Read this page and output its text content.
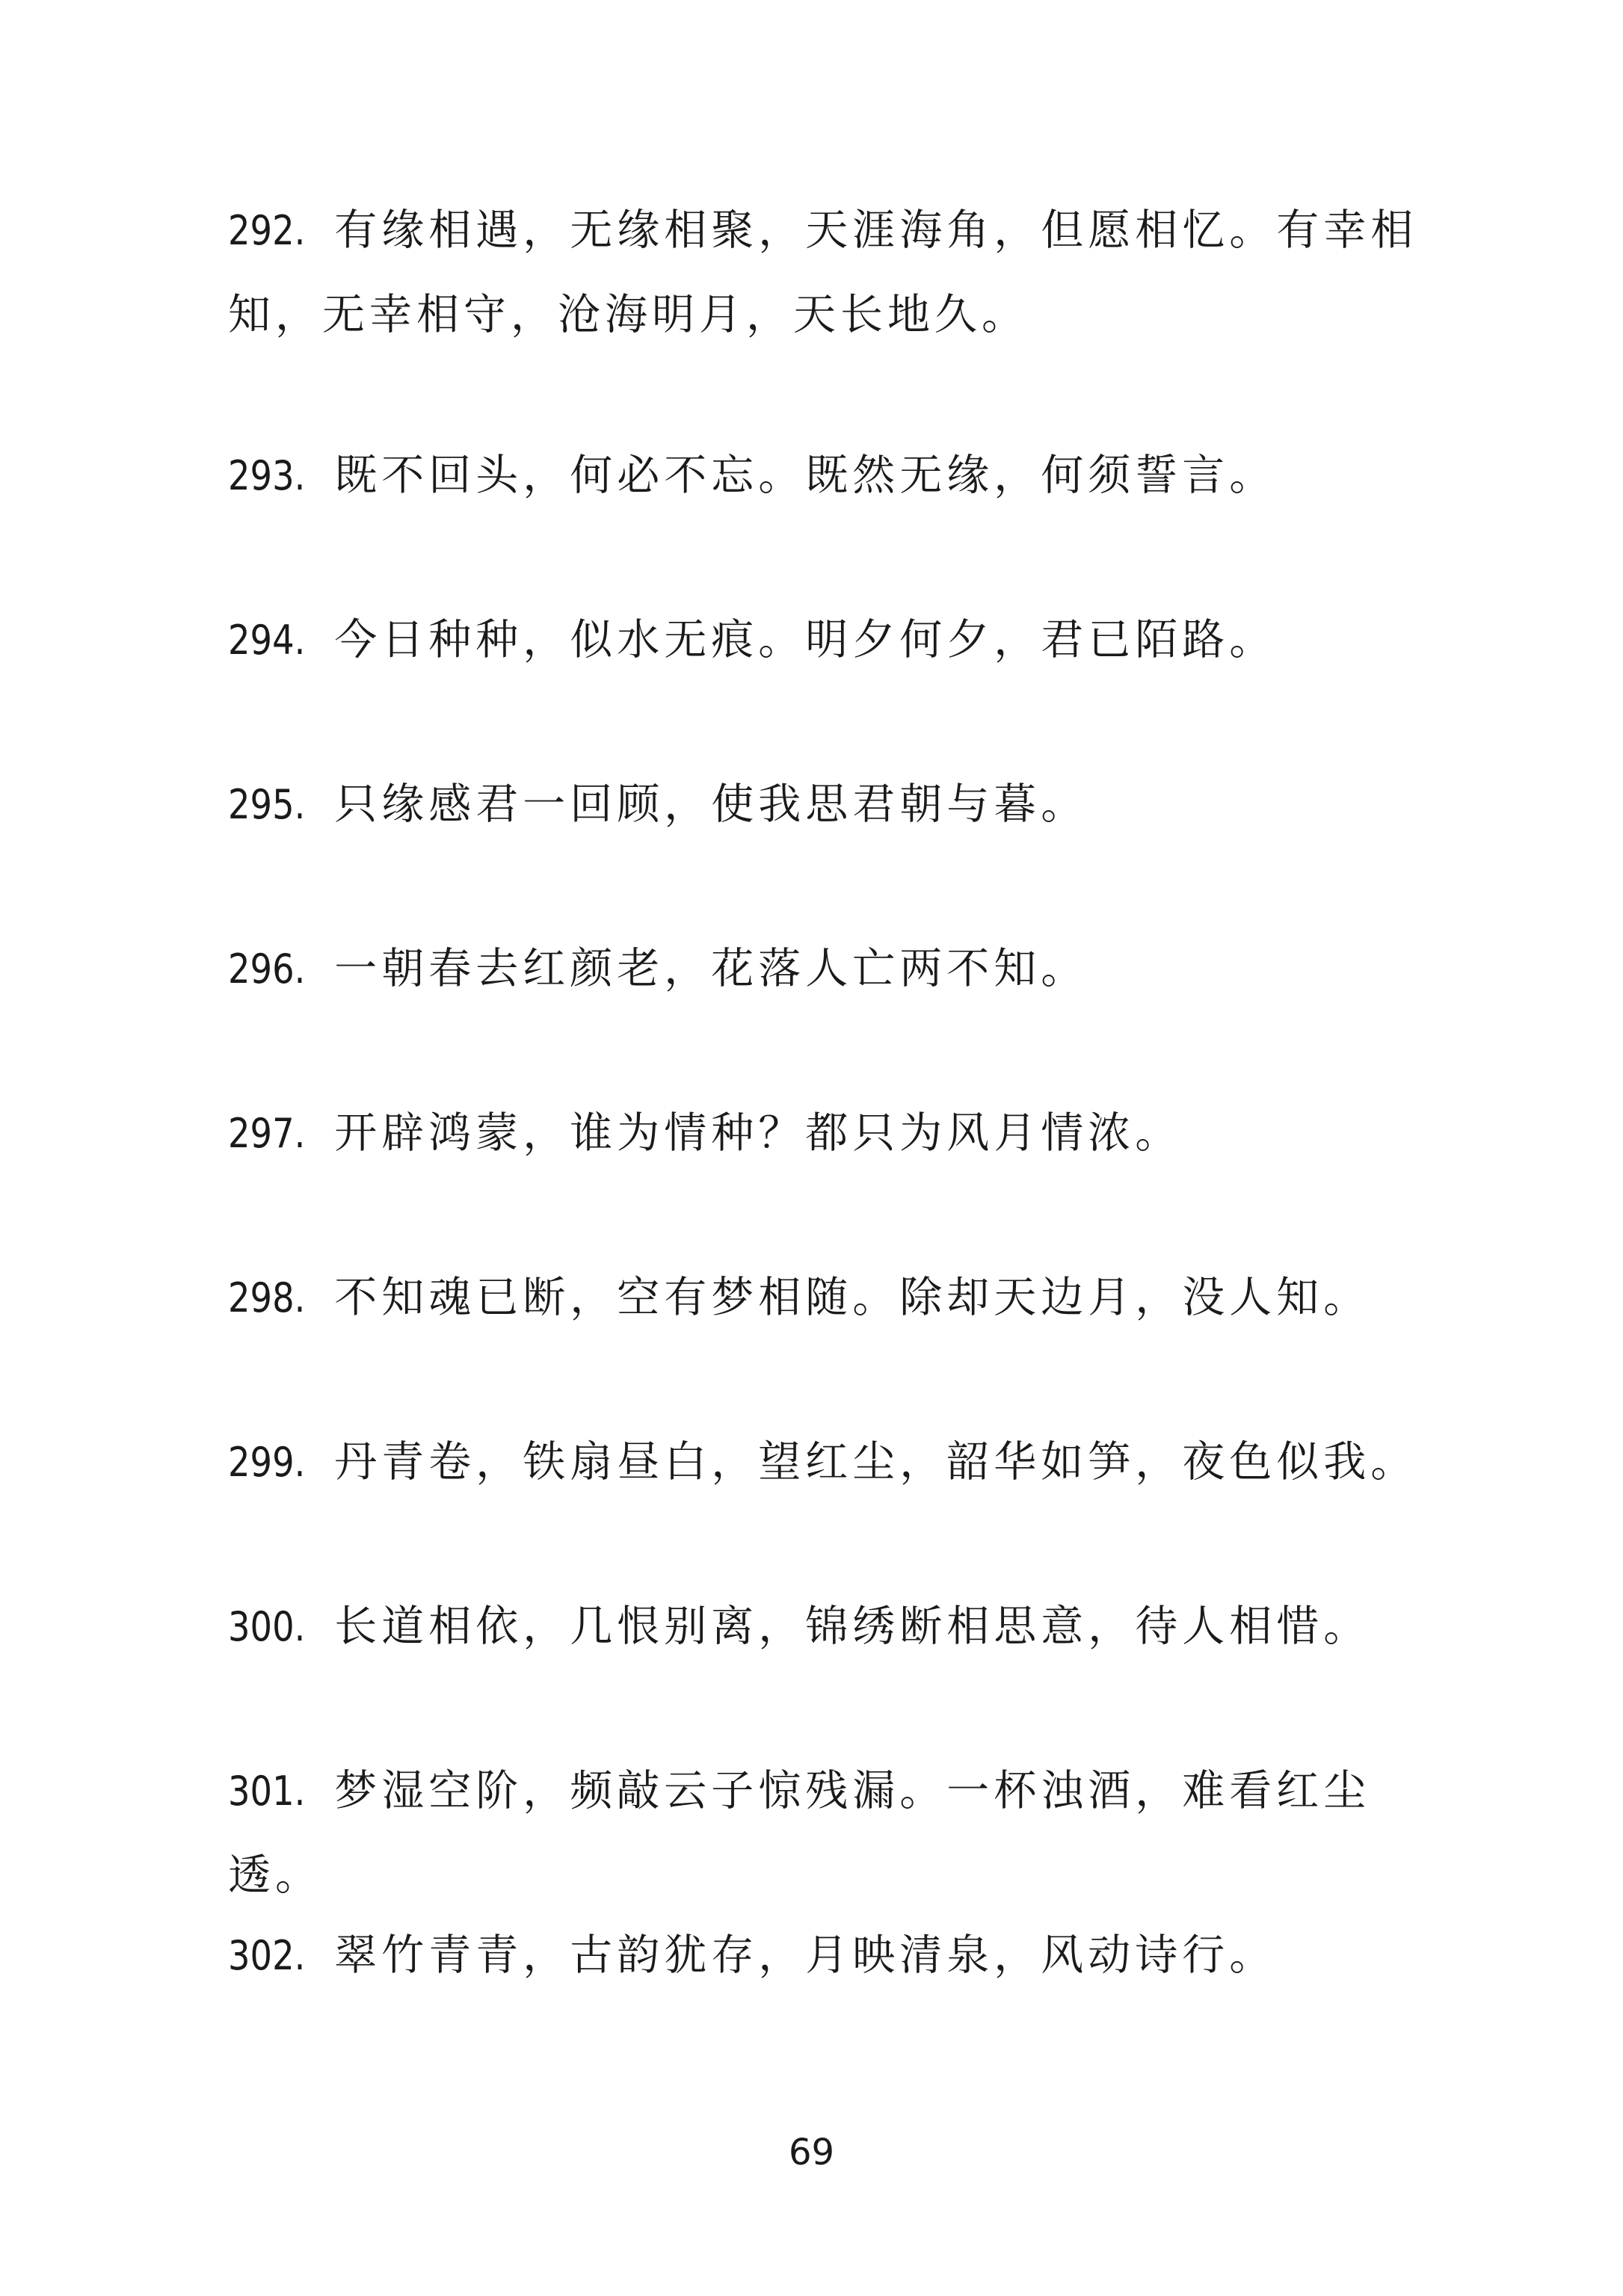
292. 有缘相遇，无缘相聚，天涯海角，但愿相忆。有幸相知，无幸相守，沧海明月，天长地久。
293. 既不回头，何必不忘。既然无缘，何须誓言。
294. 今日种种，似水无痕。明夕何夕，君已陌路。
295. 只缘感君一回顾，使我思君朝与暮。
296. 一朝春去红颜老，花落人亡两不知。
297. 开辟鸿蒙，谁为情种？都只为风月情浓。
298. 不知魂已断，空有梦相随。除却天边月，没人知。
299. 丹青卷，铁扇昼白，望红尘，韶华如笋，夜色似我。
300. 长道相依，几恨别离，锦绣断相思意，待人相惜。
301. 梦湿空阶，频敲云子惊残漏。一杯浊酒，难看红尘透。
302. 翠竹青青，古韵犹存，月映清泉，风动诗行。
69
